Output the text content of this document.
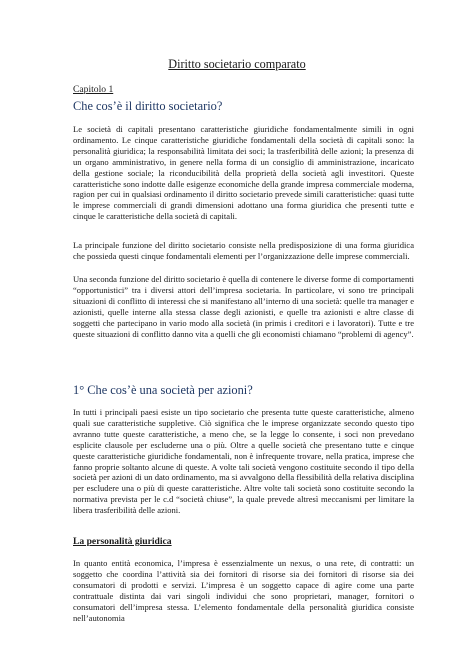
Diritto societario comparato

Capitolo 1

Che cos’è il diritto societario?

Le società di capitali presentano caratteristiche giuridiche fondamentalmente simili in ogni ordinamento. Le cinque caratteristiche giuridiche fondamentali della società di capitali sono: la personalità giuridica; la responsabilità limitata dei soci; la trasferibilità delle azioni; la presenza di un organo amministrativo, in genere nella forma di un consiglio di amministrazione, incaricato della gestione sociale; la riconducibilità della proprietà della società agli investitori. Queste caratteristiche sono indotte dalle esigenze economiche della grande impresa commerciale moderna, ragion per cui in qualsiasi ordinamento il diritto societario prevede simili caratteristiche: quasi tutte le imprese commerciali di grandi dimensioni adottano una forma giuridica che presenti tutte e cinque le caratteristiche della società di capitali.

La principale funzione del diritto societario consiste nella predisposizione di una forma giuridica che possieda questi cinque fondamentali elementi per l’organizzazione delle imprese commerciali.

Una seconda funzione del diritto societario è quella di contenere le diverse forme di comportamenti “opportunistici” tra i diversi attori dell’impresa societaria. In particolare, vi sono tre principali situazioni di conflitto di interessi che si manifestano all’interno di una società: quelle tra manager e azionisti, quelle interne alla stessa classe degli azionisti, e quelle tra azionisti e altre classe di soggetti che partecipano in vario modo alla società (in primis i creditori e i lavoratori). Tutte e tre queste situazioni di conflitto danno vita a quelli che gli economisti chiamano “problemi di agency”.

1° Che cos’è una società per azioni?

In tutti i principali paesi esiste un tipo societario che presenta tutte queste caratteristiche, almeno quali sue caratteristiche suppletive. Ciò significa che le imprese organizzate secondo questo tipo avranno tutte queste caratteristiche, a meno che, se la legge lo consente, i soci non prevedano esplicite clausole per escluderne una o più. Oltre a quelle società che presentano tutte e cinque queste caratteristiche giuridiche fondamentali, non è infrequente trovare, nella pratica, imprese che fanno proprie soltanto alcune di queste. A volte tali società vengono costituite secondo il tipo della società per azioni di un dato ordinamento, ma si avvalgono della flessibilità della relativa disciplina per escludere una o più di queste caratteristiche. Altre volte tali società sono costituite secondo la normativa prevista per le c.d “società chiuse”, la quale prevede altresì meccanismi per limitare la libera trasferibilità delle azioni.

La personalità giuridica

In quanto entità economica, l’impresa è essenzialmente un nexus, o una rete, di contratti: un soggetto che coordina l’attività sia dei fornitori di risorse sia dei fornitori di risorse sia dei consumatori di prodotti e servizi. L’impresa è un soggetto capace di agire come una parte contrattuale distinta dai vari singoli individui che sono proprietari, manager, fornitori o consumatori dell’impresa stessa. L’elemento fondamentale della personalità giuridica consiste nell’autonomia
